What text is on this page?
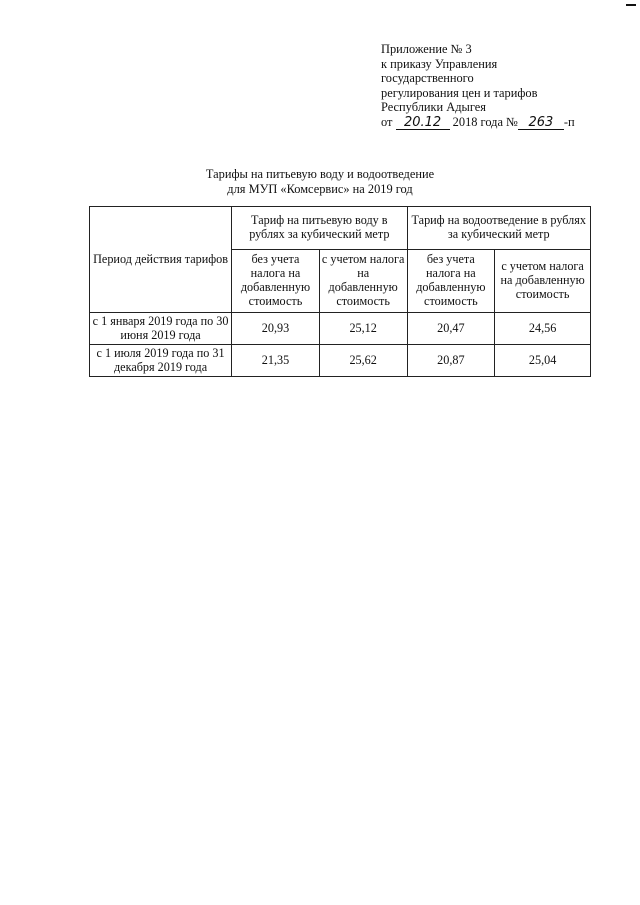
Приложение № 3
к приказу Управления
государственного
регулирования цен и тарифов
Республики Адыгея
от 20.12 2018 года № 263 -п
Тарифы на питьевую воду и водоотведение
для МУП «Комсервис» на 2019 год
Период действия тарифов	Тариф на питьевую воду в рублях за кубический метр		Тариф на водоотведение в рублях за кубический метр	
	без учета налога на добавленную стоимость	с учетом налога на добавленную стоимость	без учета налога на добавленную стоимость	с учетом налога на добавленную стоимость
с 1 января 2019 года по 30 июня 2019 года	20,93	25,12	20,47	24,56
с 1 июля 2019 года по 31 декабря 2019 года	21,35	25,62	20,87	25,04
